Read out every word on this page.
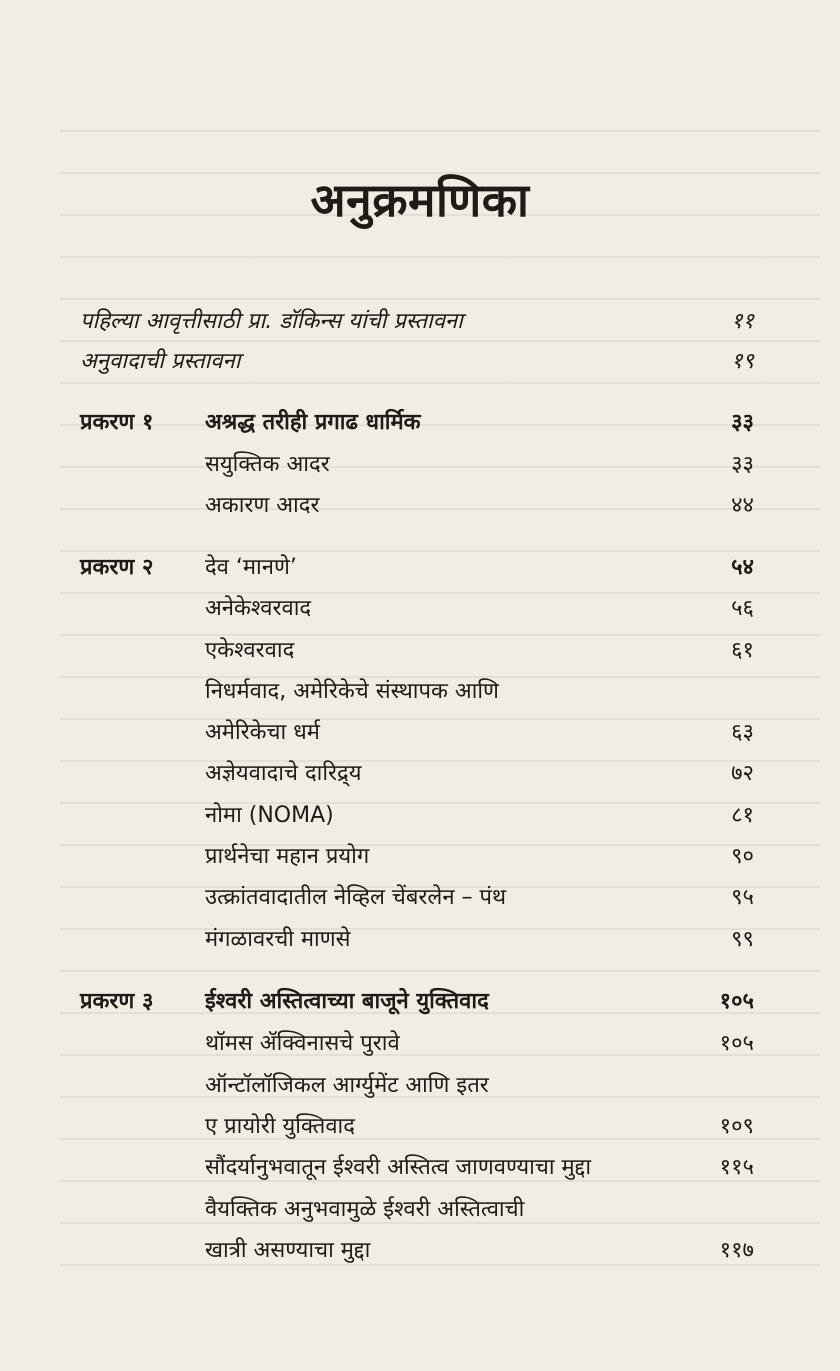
अनुक्रमणिका
पहिल्या आवृत्तीसाठी प्रा. डॉकिन्स यांची प्रस्तावना	११
अनुवादाची प्रस्तावना	१९
प्रकरण १ अश्रद्ध तरीही प्रगाढ धार्मिक	३३
सयुक्तिक आदर	३३
अकारण आदर	४४
प्रकरण २ देव ‘मानणे’	५४
अनेकेश्वरवाद	५६
एकेश्वरवाद	६१
निधर्मवाद, अमेरिकेचे संस्थापक आणि
अमेरिकेचा धर्म	६३
अज्ञेयवादाचे दारिद्र्य	७२
नोमा (NOMA)	८१
प्रार्थनेचा महान प्रयोग	९०
उत्क्रांतवादातील नेव्हिल चेंबरलेन – पंथ	९५
मंगळावरची माणसे	९९
प्रकरण ३ ईश्वरी अस्तित्वाच्या बाजूने युक्तिवाद	१०५
थॉमस ॲक्विनासचे पुरावे	१०५
ऑन्टॉलॉजिकल आर्ग्युमेंट आणि इतर
ए प्रायोरी युक्तिवाद	१०९
सौंदर्यानुभवातून ईश्वरी अस्तित्व जाणवण्याचा मुद्दा	११५
वैयक्तिक अनुभवामुळे ईश्वरी अस्तित्वाची
खात्री असण्याचा मुद्दा	११७
